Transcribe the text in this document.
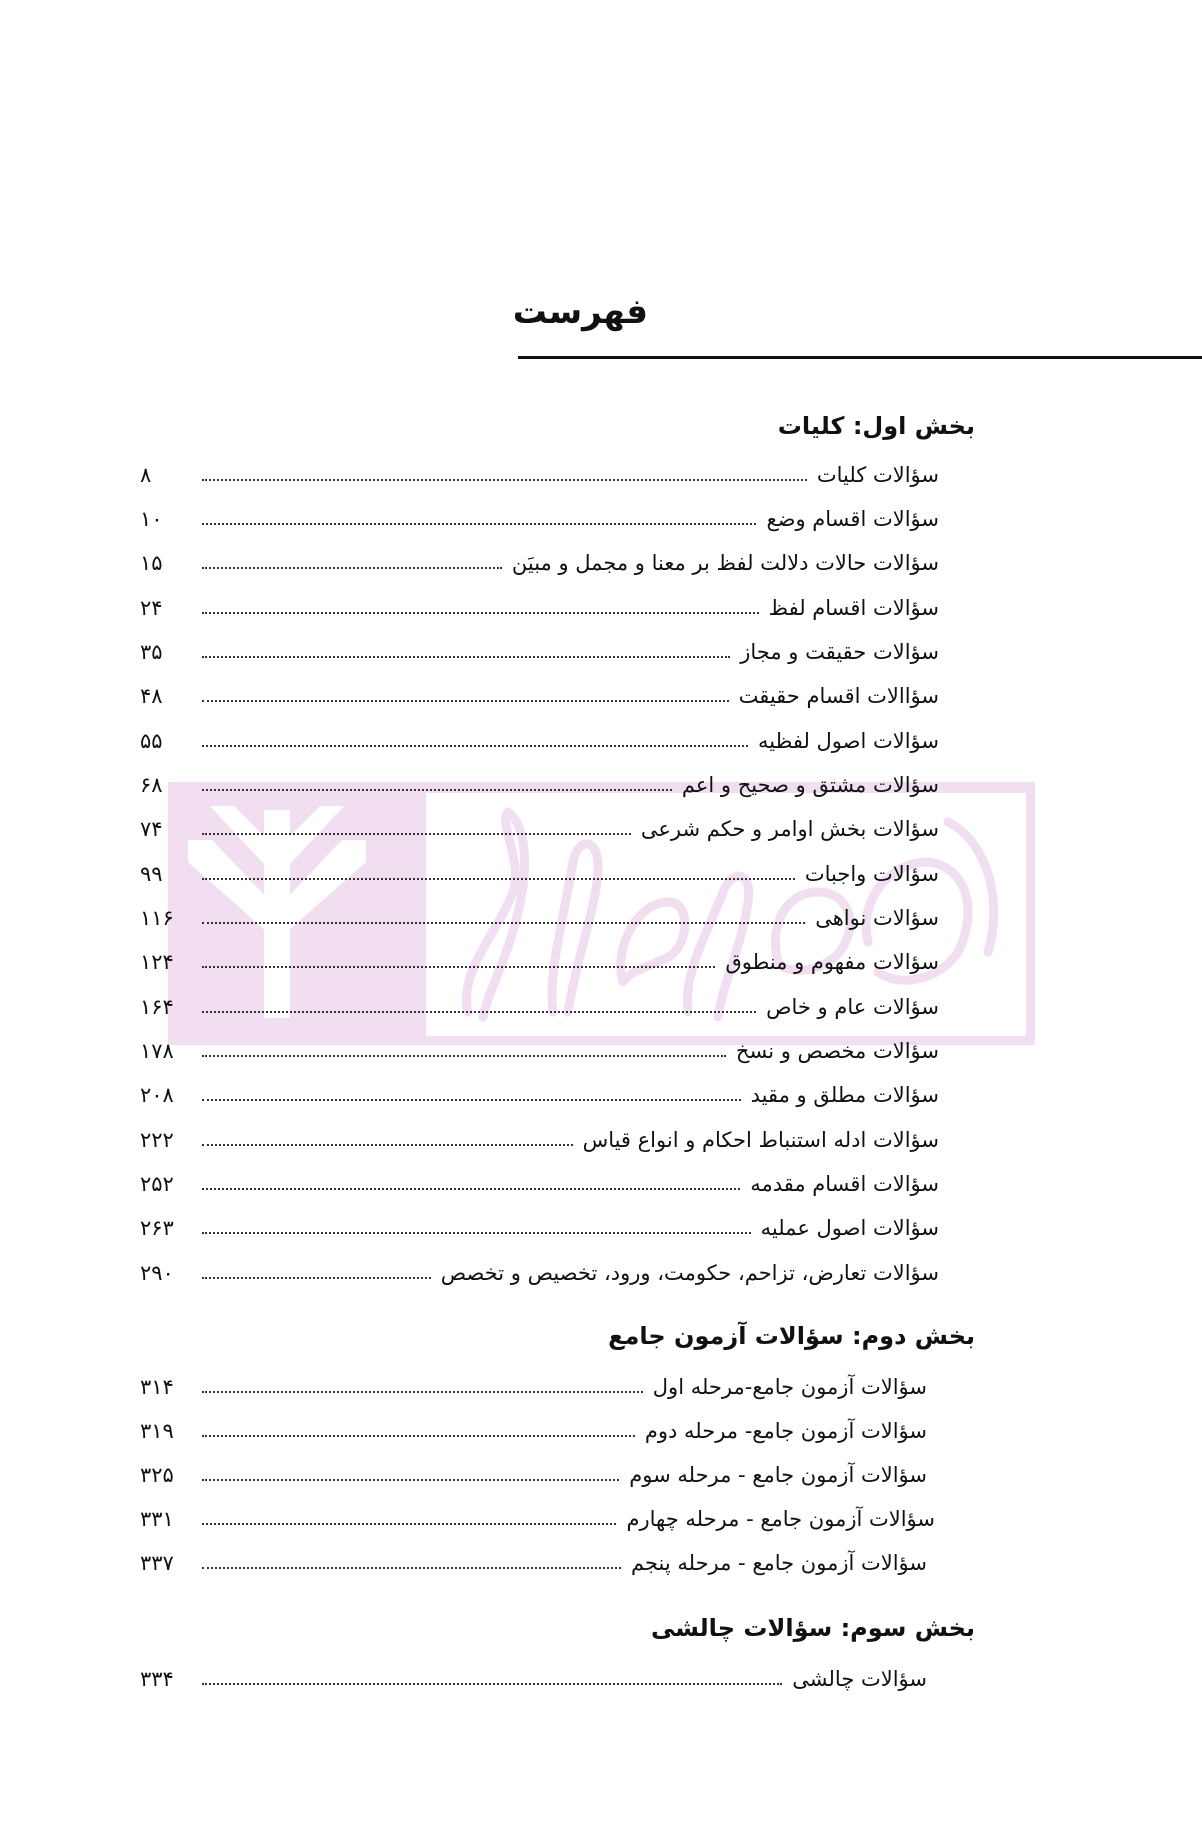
فهرست
بخش اول: کلیات
سؤالات کلیات
۸
سؤالات اقسام وضع
۱۰
سؤالات حالات دلالت لفظ بر معنا و مجمل و مبیَن
۱۵
سؤالات اقسام لفظ
۲۴
سؤالات حقیقت و مجاز
۳۵
سؤاالات اقسام حقیقت
۴۸
سؤالات اصول لفظیه
۵۵
سؤالات مشتق و صحیح و اعم
۶۸
سؤالات بخش اوامر و حکم شرعی
۷۴
سؤالات واجبات
۹۹
سؤالات نواهی
۱۱۶
سؤالات مفهوم و منطوق
۱۲۴
سؤالات عام و خاص
۱۶۴
سؤالات مخصص و نسخ
۱۷۸
سؤالات مطلق و مقید
۲۰۸
سؤالات ادله استنباط احکام و انواع قیاس
۲۲۲
سؤالات اقسام مقدمه
۲۵۲
سؤالات اصول عملیه
۲۶۳
سؤالات تعارض، تزاحم، حکومت، ورود، تخصیص و تخصص
۲۹۰
بخش دوم: سؤالات آزمون جامع
سؤالات آزمون جامع-مرحله اول
۳۱۴
سؤالات آزمون جامع- مرحله دوم
۳۱۹
سؤالات آزمون جامع - مرحله سوم
۳۲۵
سؤالات آزمون جامع - مرحله چهارم
۳۳۱
سؤالات آزمون جامع - مرحله پنجم
۳۳۷
بخش سوم: سؤالات چالشی
سؤالات چالشی
۳۳۴
